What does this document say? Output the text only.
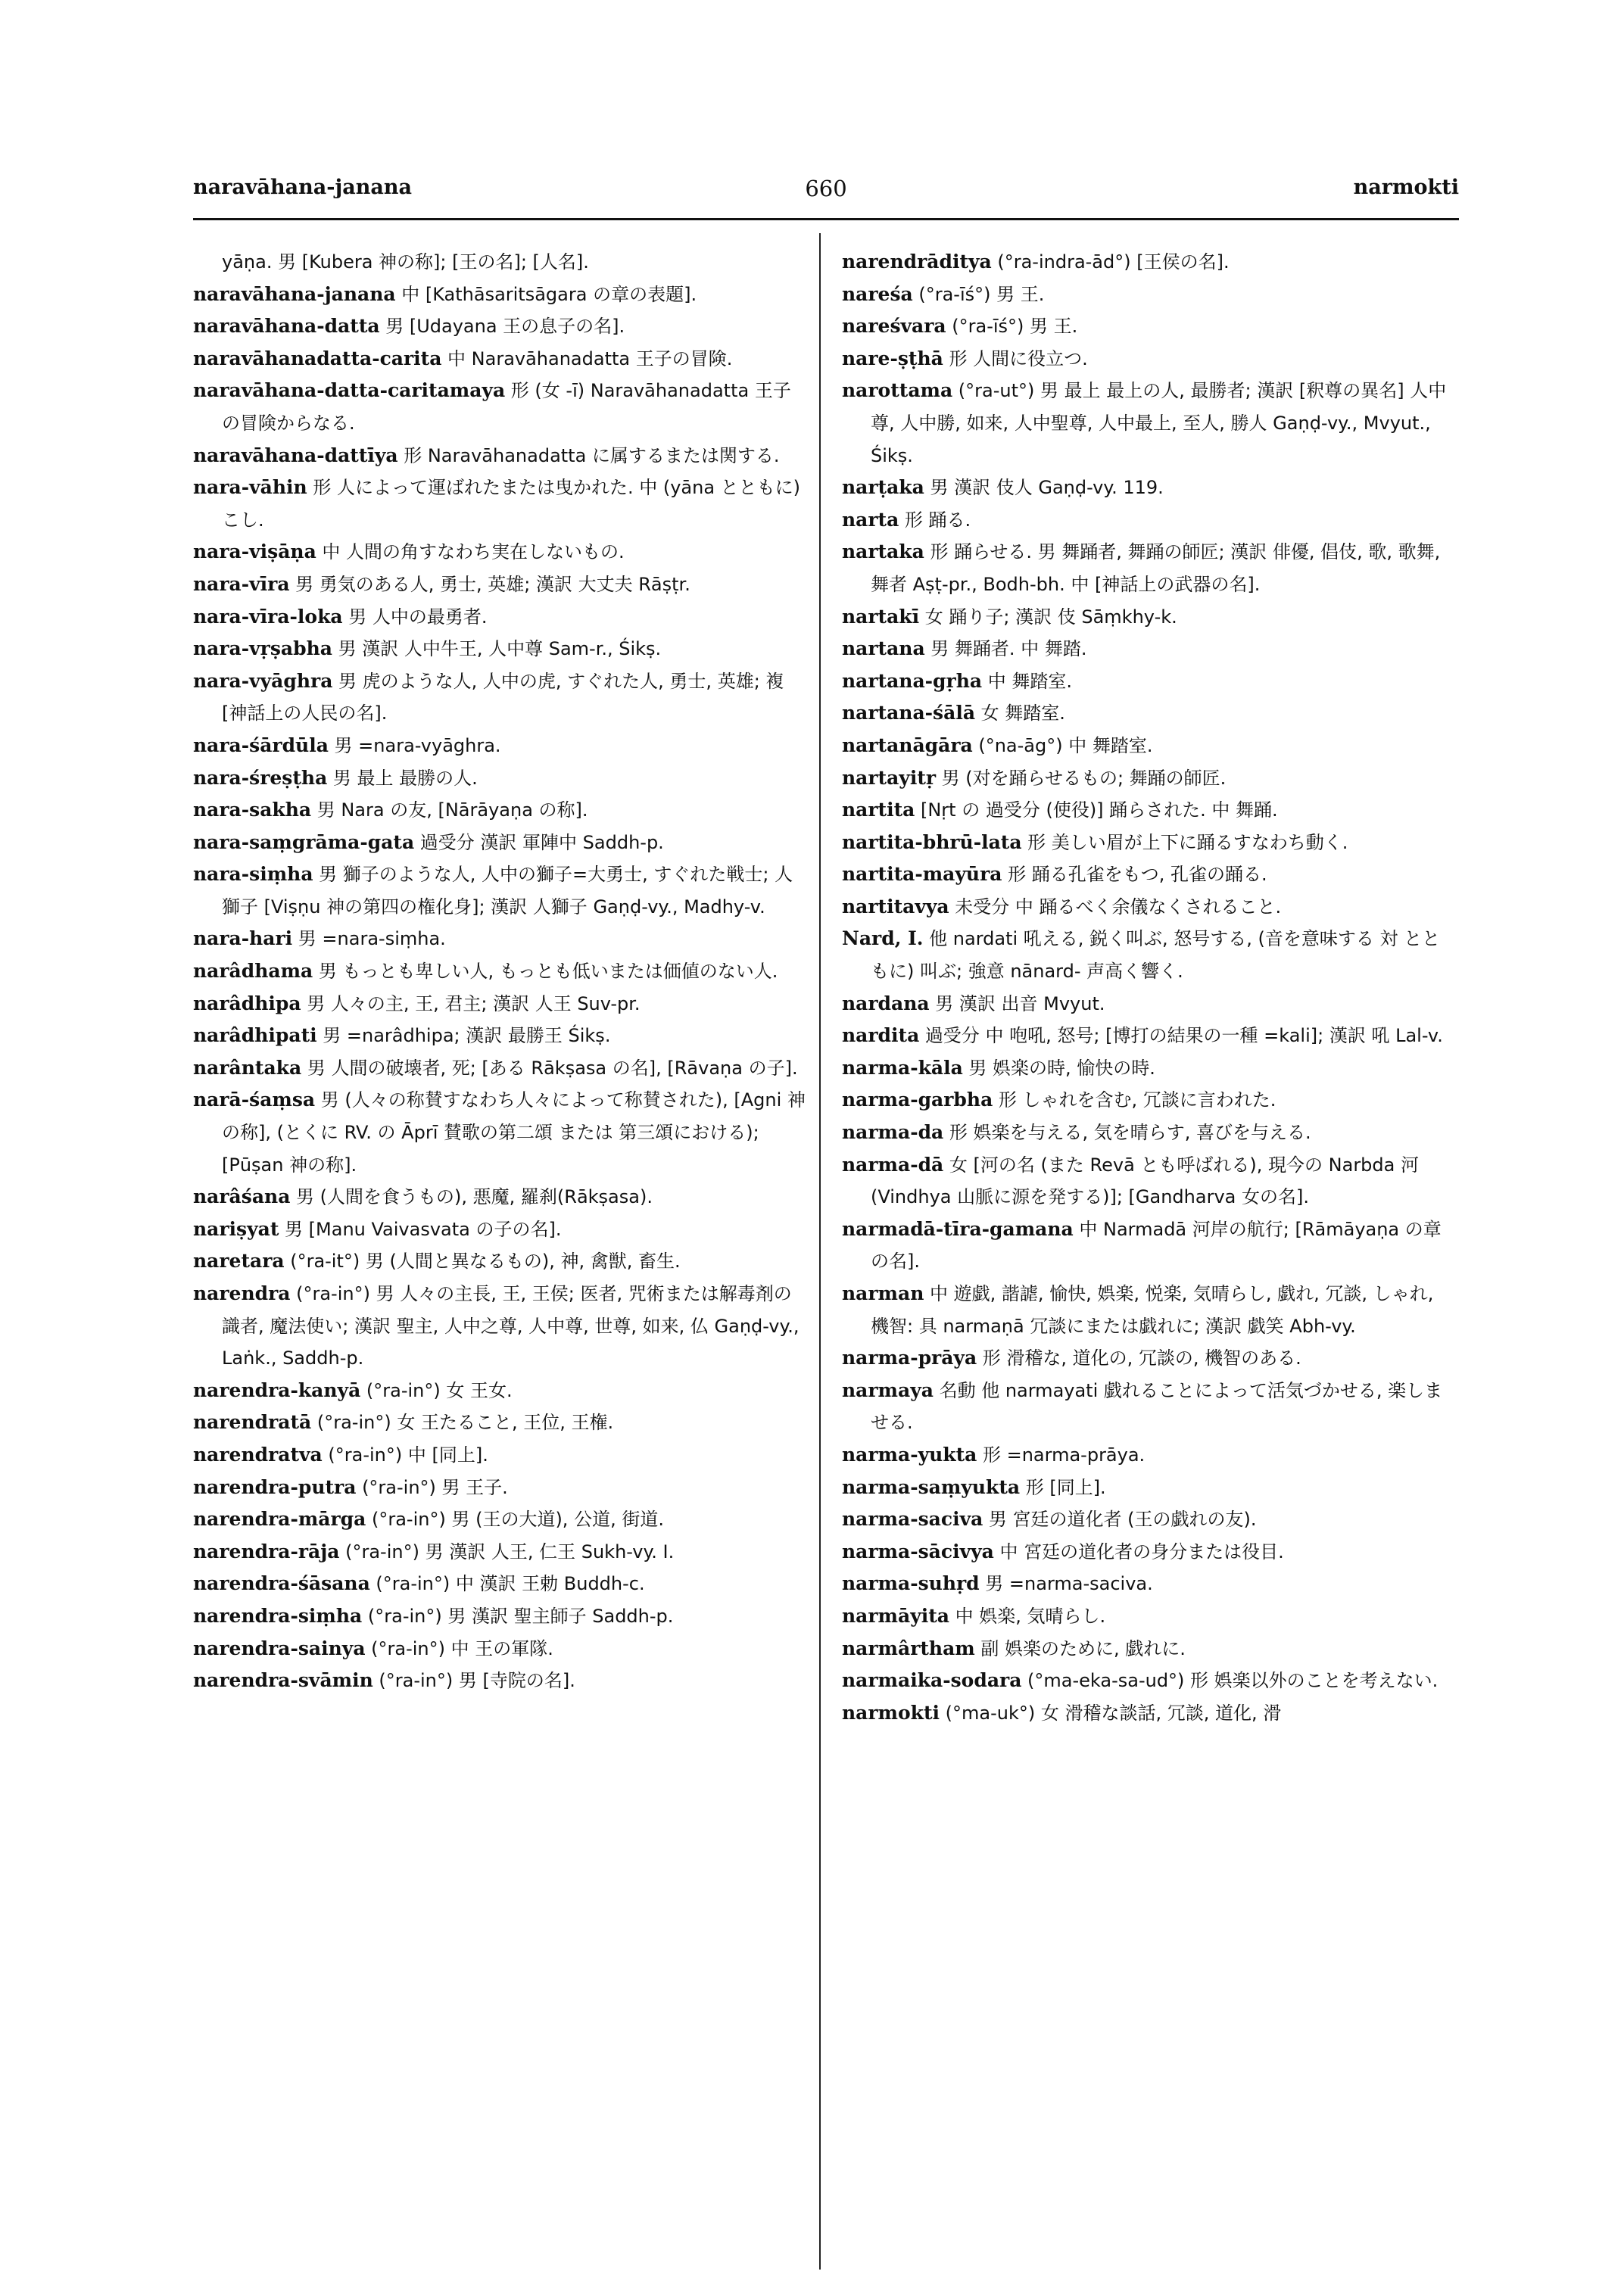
naravāhana-janana	660	narmokti
yāṇa. 男 [Kubera 神の称]; [王の名]; [人名].
naravāhana-janana 中 [Kathāsaritsāgara の章の表題].
naravāhana-datta 男 [Udayana 王の息子の名].
naravāhanadatta-carita 中 Naravāhanadatta 王子の冒険.
naravāhana-datta-caritamaya 形 (女 -ī) Naravāhanadatta 王子の冒険からなる.
naravāhana-dattīya 形 Naravāhanadatta に属するまたは関する.
nara-vāhin 形 人によって運ばれたまたは曳かれた. 中 (yāna とともに) こし.
nara-viṣāṇa 中 人間の角すなわち実在しないもの.
nara-vīra 男 勇気のある人, 勇士, 英雄; 漢訳 大丈夫 Rāṣṭr.
nara-vīra-loka 男 人中の最勇者.
nara-vṛṣabha 男 漢訳 人中牛王, 人中尊 Sam-r., Śikṣ.
nara-vyāghra 男 虎のような人, 人中の虎, すぐれた人, 勇士, 英雄; 複 [神話上の人民の名].
nara-śārdūla 男 =nara-vyāghra.
nara-śreṣṭha 男 最上 最勝の人.
nara-sakha 男 Nara の友, [Nārāyaṇa の称].
nara-saṃgrāma-gata 過受分 漢訳 軍陣中 Saddh-p.
nara-siṃha 男 獅子のような人, 人中の獅子=大勇士, すぐれた戦士; 人獅子 [Viṣṇu 神の第四の権化身]; 漢訳 人獅子 Gaṇḍ-vy., Madhy-v.
nara-hari 男 =nara-siṃha.
narâdhama 男 もっとも卑しい人, もっとも低いまたは価値のない人.
narâdhipa 男 人々の主, 王, 君主; 漢訳 人王 Suv-pr.
narâdhipati 男 =narâdhipa; 漢訳 最勝王 Śikṣ.
narântaka 男 人間の破壊者, 死; [ある Rākṣasa の名], [Rāvaṇa の子].
narā-śaṃsa 男 (人々の称賛すなわち人々によって称賛された), [Agni 神の称], (とくに RV. の Āprī 賛歌の第二頌 または 第三頌における); [Pūṣan 神の称].
narâśana 男 (人間を食うもの), 悪魔, 羅刹(Rākṣasa).
nariṣyat 男 [Manu Vaivasvata の子の名].
naretara (°ra-it°) 男 (人間と異なるもの), 神, 禽獣, 畜生.
narendra (°ra-in°) 男 人々の主長, 王, 王侯; 医者, 咒術または解毒剤の識者, 魔法使い; 漢訳 聖主, 人中之尊, 人中尊, 世尊, 如来, 仏 Gaṇḍ-vy., Laṅk., Saddh-p.
narendra-kanyā (°ra-in°) 女 王女.
narendratā (°ra-in°) 女 王たること, 王位, 王権.
narendratva (°ra-in°) 中 [同上].
narendra-putra (°ra-in°) 男 王子.
narendra-mārga (°ra-in°) 男 (王の大道), 公道, 街道.
narendra-rāja (°ra-in°) 男 漢訳 人王, 仁王 Sukh-vy. I.
narendra-śāsana (°ra-in°) 中 漢訳 王勅 Buddh-c.
narendra-siṃha (°ra-in°) 男 漢訳 聖主師子 Saddh-p.
narendra-sainya (°ra-in°) 中 王の軍隊.
narendra-svāmin (°ra-in°) 男 [寺院の名].
narendrāditya (°ra-indra-ād°) [王侯の名].
nareśa (°ra-īś°) 男 王.
nareśvara (°ra-īś°) 男 王.
nare-ṣṭhā 形 人間に役立つ.
narottama (°ra-ut°) 男 最上 最上の人, 最勝者; 漢訳 [釈尊の異名] 人中尊, 人中勝, 如来, 人中聖尊, 人中最上, 至人, 勝人 Gaṇḍ-vy., Mvyut., Śikṣ.
narṭaka 男 漢訳 伎人 Gaṇḍ-vy. 119.
narta 形 踊る.
nartaka 形 踊らせる. 男 舞踊者, 舞踊の師匠; 漢訳 俳優, 倡伎, 歌, 歌舞, 舞者 Aṣṭ-pr., Bodh-bh. 中 [神話上の武器の名].
nartakī 女 踊り子; 漢訳 伎 Sāṃkhy-k.
nartana 男 舞踊者. 中 舞踏.
nartana-gṛha 中 舞踏室.
nartana-śālā 女 舞踏室.
nartanāgāra (°na-āg°) 中 舞踏室.
nartayitṛ 男 (对を踊らせるもの; 舞踊の師匠.
nartita [Nṛt の 過受分 (使役)] 踊らされた. 中 舞踊.
nartita-bhrū-lata 形 美しい眉が上下に踊るすなわち動く.
nartita-mayūra 形 踊る孔雀をもつ, 孔雀の踊る.
nartitavya 未受分 中 踊るべく余儀なくされること.
Nard, I. 他 nardati 吼える, 鋭く叫ぶ, 怒号する, (音を意味する 対 とともに) 叫ぶ; 強意 nānard- 声高く響く.
nardana 男 漢訳 出音 Mvyut.
nardita 過受分 中 咆吼, 怒号; [博打の結果の一種 =kali]; 漢訳 吼 Lal-v.
narma-kāla 男 娯楽の時, 愉快の時.
narma-garbha 形 しゃれを含む, 冗談に言われた.
narma-da 形 娯楽を与える, 気を晴らす, 喜びを与える.
narma-dā 女 [河の名 (また Revā とも呼ばれる), 現今の Narbda 河 (Vindhya 山脈に源を発する)]; [Gandharva 女の名].
narmadā-tīra-gamana 中 Narmadā 河岸の航行; [Rāmāyaṇa の章の名].
narman 中 遊戯, 諧謔, 愉快, 娯楽, 悦楽, 気晴らし, 戯れ, 冗談, しゃれ, 機智: 具 narmaṇā 冗談にまたは戯れに; 漢訳 戯笑 Abh-vy.
narma-prāya 形 滑稽な, 道化の, 冗談の, 機智のある.
narmaya 名動 他 narmayati 戯れることによって活気づかせる, 楽しませる.
narma-yukta 形 =narma-prāya.
narma-saṃyukta 形 [同上].
narma-saciva 男 宮廷の道化者 (王の戯れの友).
narma-sācivya 中 宮廷の道化者の身分または役目.
narma-suhṛd 男 =narma-saciva.
narmāyita 中 娯楽, 気晴らし.
narmârtham 副 娯楽のために, 戯れに.
narmaika-sodara (°ma-eka-sa-ud°) 形 娯楽以外のことを考えない.
narmokti (°ma-uk°) 女 滑稽な談話, 冗談, 道化, 滑
